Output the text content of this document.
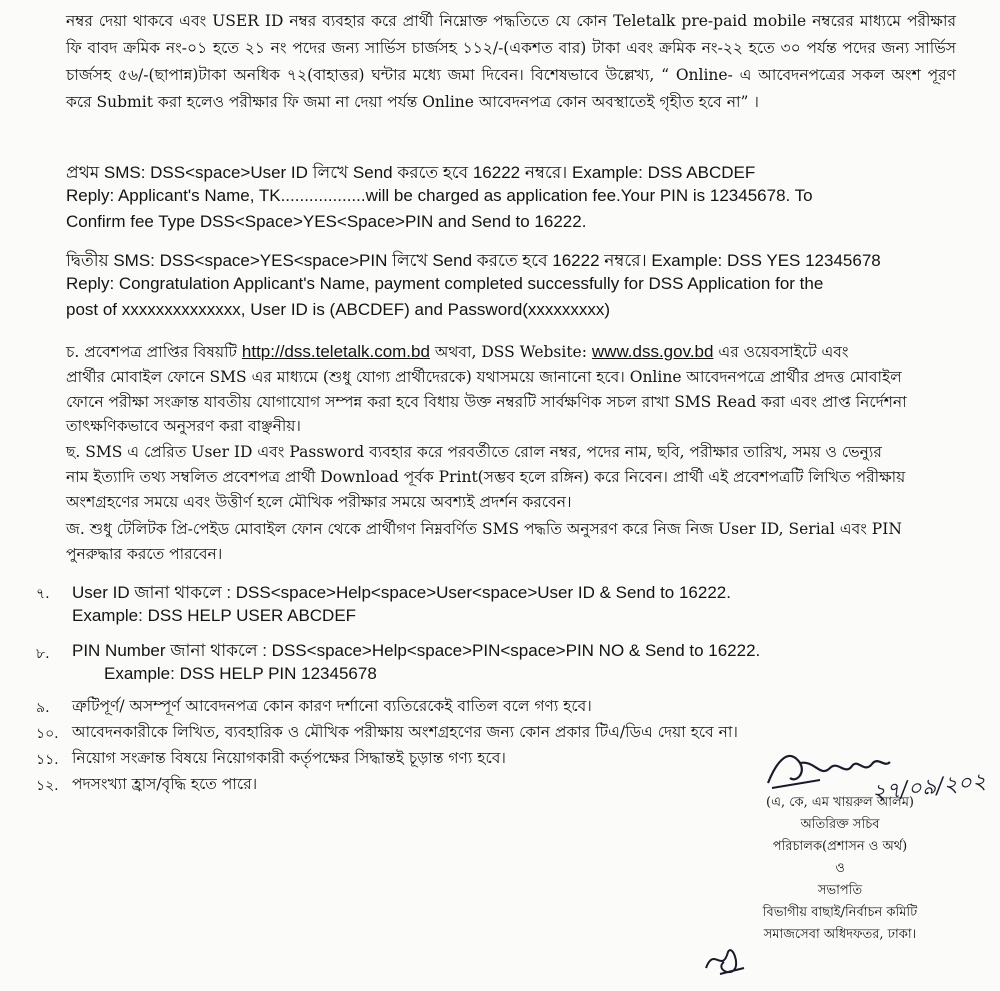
নম্বর দেয়া থাকবে এবং USER ID নম্বর ব্যবহার করে প্রার্থী নিম্নোক্ত পদ্ধতিতে যে কোন Teletalk pre-paid mobile নম্বরের মাধ্যমে পরীক্ষার ফি বাবদ ক্রমিক নং-০১ হতে ২১ নং পদের জন্য সার্ভিস চার্জসহ ১১২/-(একশত বার) টাকা এবং ক্রমিক নং-২২ হতে ৩০ পর্যন্ত পদের জন্য সার্ভিস চার্জসহ ৫৬/-(ছাপান্ন)টাকা অনধিক ৭২(বাহাত্তর) ঘন্টার মধ্যে জমা দিবেন। বিশেষভাবে উল্লেখ্য, “ Online- এ আবেদনপত্রের সকল অংশ পূরণ করে Submit করা হলেও পরীক্ষার ফি জমা না দেয়া পর্যন্ত Online আবেদনপত্র কোন অবস্থাতেই গৃহীত হবে না” ।
প্রথম SMS: DSS<space>User ID লিখে Send করতে হবে 16222 নম্বরে। Example: DSS ABCDEF
Reply: Applicant's Name, TK..................will be charged as application fee.Your PIN is 12345678. To
Confirm fee Type DSS<Space>YES<Space>PIN and Send to 16222.
দ্বিতীয় SMS: DSS<space>YES<space>PIN লিখে Send করতে হবে 16222 নম্বরে। Example: DSS YES 12345678
Reply: Congratulation Applicant's Name, payment completed successfully for DSS Application for the
post of xxxxxxxxxxxxxx, User ID is (ABCDEF) and Password(xxxxxxxxx)
চ. প্রবেশপত্র প্রাপ্তির বিষয়টি http://dss.teletalk.com.bd অথবা, DSS Website: www.dss.gov.bd এর ওয়েবসাইটে এবং
প্রার্থীর মোবাইল ফোনে SMS এর মাধ্যমে (শুধু যোগ্য প্রার্থীদেরকে) যথাসময়ে জানানো হবে। Online আবেদনপত্রে প্রার্থীর প্রদত্ত মোবাইল
ফোনে পরীক্ষা সংক্রান্ত যাবতীয় যোগাযোগ সম্পন্ন করা হবে বিধায় উক্ত নম্বরটি সার্বক্ষণিক সচল রাখা SMS Read করা এবং প্রাপ্ত নির্দেশনা
তাৎক্ষণিকভাবে অনুসরণ করা বাঞ্ছনীয়।
ছ. SMS এ প্রেরিত User ID এবং Password ব্যবহার করে পরবর্তীতে রোল নম্বর, পদের নাম, ছবি, পরীক্ষার তারিখ, সময় ও ভেন্যুর
নাম ইত্যাদি তথ্য সম্বলিত প্রবেশপত্র প্রার্থী Download পূর্বক Print(সম্ভব হলে রঙ্গিন) করে নিবেন। প্রার্থী এই প্রবেশপত্রটি লিখিত পরীক্ষায়
অংশগ্রহণের সময়ে এবং উত্তীর্ণ হলে মৌখিক পরীক্ষার সময়ে অবশ্যই প্রদর্শন করবেন।
জ. শুধু টেলিটক প্রি-পেইড মোবাইল ফোন থেকে প্রার্থীগণ নিম্নবর্ণিত SMS পদ্ধতি অনুসরণ করে নিজ নিজ User ID, Serial এবং PIN
পুনরুদ্ধার করতে পারবেন।
৭. User ID জানা থাকলে : DSS<space>Help<space>User<space>User ID & Send to 16222.
Example: DSS HELP USER ABCDEF
৮. PIN Number জানা থাকলে : DSS<space>Help<space>PIN<space>PIN NO & Send to 16222.
Example: DSS HELP PIN 12345678
৯. ত্রুটিপূর্ণ/ অসম্পূর্ণ আবেদনপত্র কোন কারণ দর্শানো ব্যতিরেকেই বাতিল বলে গণ্য হবে।
১০. আবেদনকারীকে লিখিত, ব্যবহারিক ও মৌখিক পরীক্ষায় অংশগ্রহণের জন্য কোন প্রকার টিএ/ডিএ দেয়া হবে না।
১১. নিয়োগ সংক্রান্ত বিষয়ে নিয়োগকারী কর্তৃপক্ষের সিদ্ধান্তই চূড়ান্ত গণ্য হবে।
১২. পদসংখ্যা হ্রাস/বৃদ্ধি হতে পারে।	২৭/০৯/২০২
(এ, কে, এম খায়রুল আলম)
অতিরিক্ত সচিব
পরিচালক(প্রশাসন ও অর্থ)
ও
সভাপতি
বিভাগীয় বাছাই/নির্বাচন কমিটি
সমাজসেবা অধিদফতর, ঢাকা।
